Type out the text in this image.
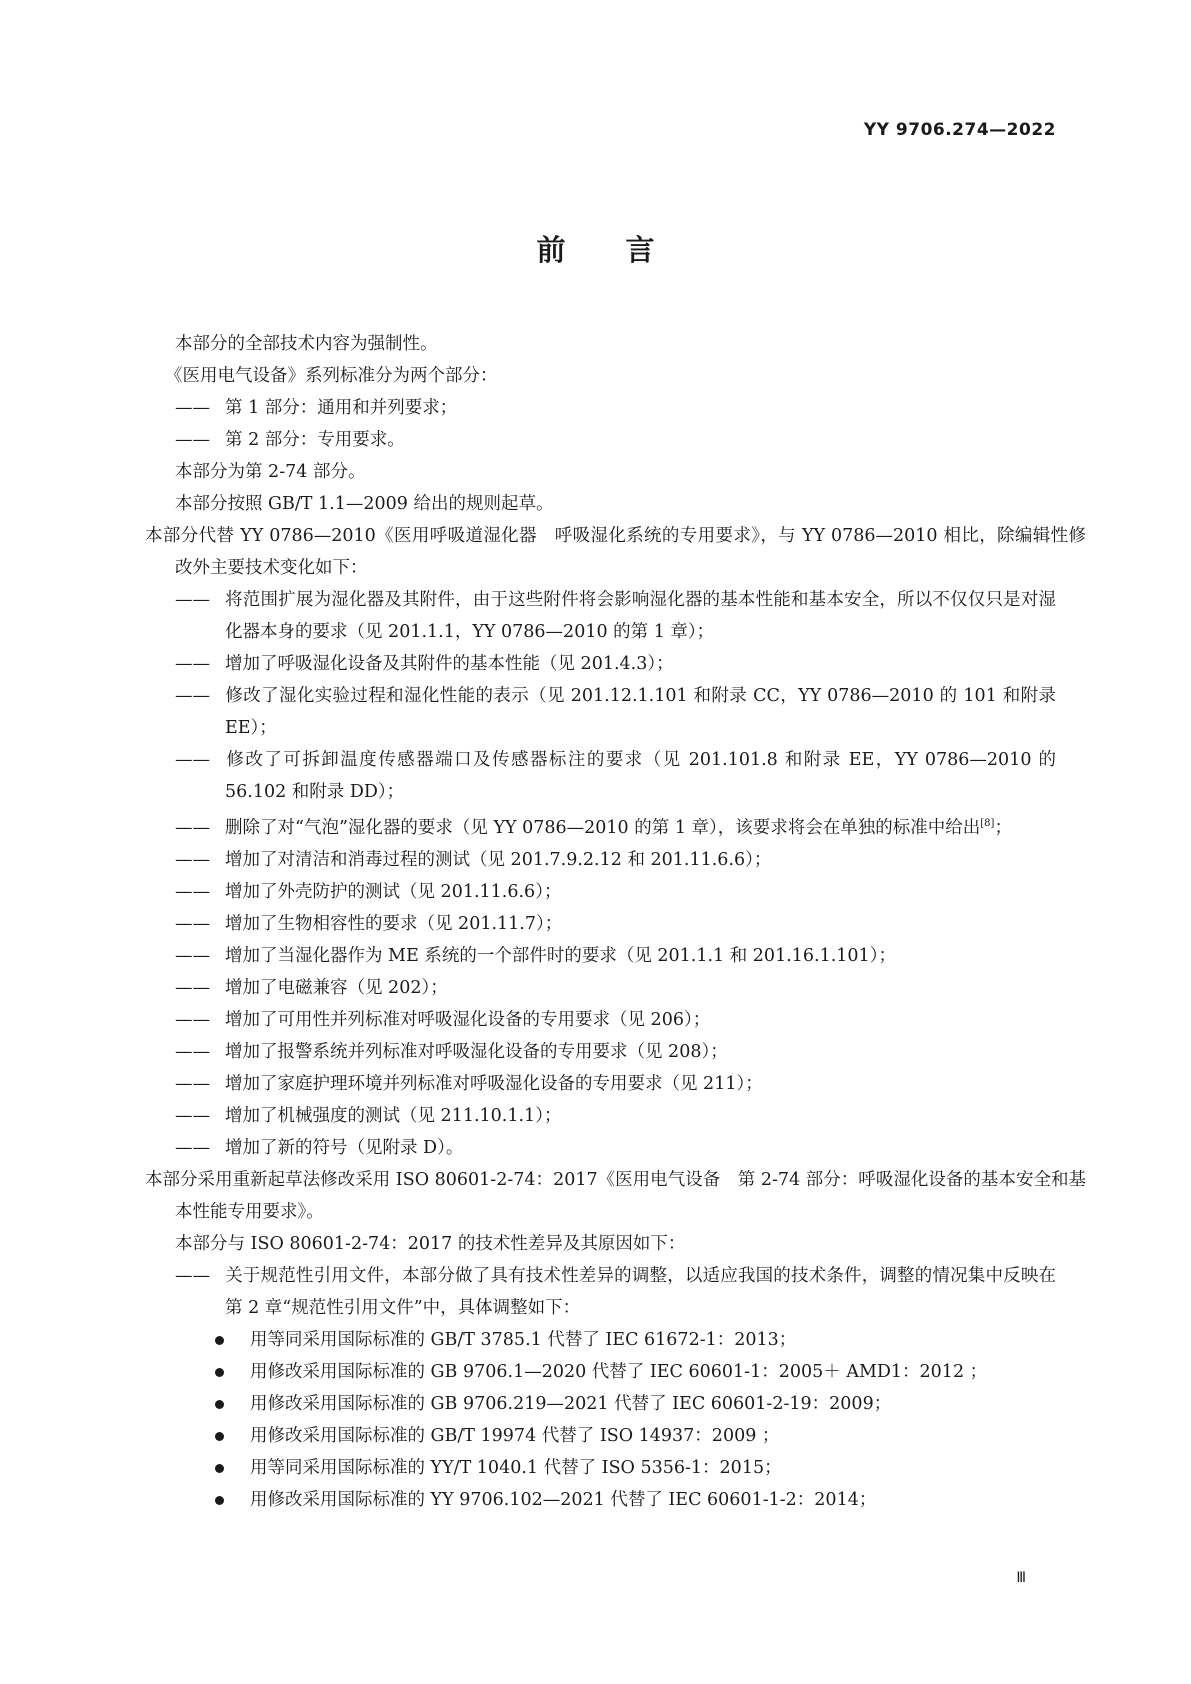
YY 9706.274—2022
前言

本部分的全部技术内容为强制性。

《医用电气设备》系列标准分为两个部分：

—— 第 1 部分：通用和并列要求；

—— 第 2 部分：专用要求。

本部分为第 2-74 部分。

本部分按照 GB/T 1.1—2009 给出的规则起草。

本部分代替 YY 0786—2010《医用呼吸道湿化器　呼吸湿化系统的专用要求》，与 YY 0786—2010 相比，除编辑性修改外主要技术变化如下：

—— 将范围扩展为湿化器及其附件，由于这些附件将会影响湿化器的基本性能和基本安全，所以不仅仅只是对湿化器本身的要求（见 201.1.1，YY 0786—2010 的第 1 章）；

—— 增加了呼吸湿化设备及其附件的基本性能（见 201.4.3）；

—— 修改了湿化实验过程和湿化性能的表示（见 201.12.1.101 和附录 CC，YY 0786—2010 的 101 和附录 EE）；

—— 修改了可拆卸温度传感器端口及传感器标注的要求（见 201.101.8 和附录 EE，YY 0786—2010 的 56.102 和附录 DD）；

—— 删除了对“气泡”湿化器的要求（见 YY 0786—2010 的第 1 章），该要求将会在单独的标准中给出[8]；

—— 增加了对清洁和消毒过程的测试（见 201.7.9.2.12 和 201.11.6.6）；

—— 增加了外壳防护的测试（见 201.11.6.6）；

—— 增加了生物相容性的要求（见 201.11.7）；

—— 增加了当湿化器作为 ME 系统的一个部件时的要求（见 201.1.1 和 201.16.1.101）；

—— 增加了电磁兼容（见 202）；

—— 增加了可用性并列标准对呼吸湿化设备的专用要求（见 206）；

—— 增加了报警系统并列标准对呼吸湿化设备的专用要求（见 208）；

—— 增加了家庭护理环境并列标准对呼吸湿化设备的专用要求（见 211）；

—— 增加了机械强度的测试（见 211.10.1.1）；

—— 增加了新的符号（见附录 D）。

本部分采用重新起草法修改采用 ISO 80601-2-74：2017《医用电气设备　第 2-74 部分：呼吸湿化设备的基本安全和基本性能专用要求》。

本部分与 ISO 80601-2-74：2017 的技术性差异及其原因如下：

—— 关于规范性引用文件，本部分做了具有技术性差异的调整，以适应我国的技术条件，调整的情况集中反映在第 2 章“规范性引用文件”中，具体调整如下：

用等同采用国际标准的 GB/T 3785.1 代替了 IEC 61672-1：2013；
用修改采用国际标准的 GB 9706.1—2020 代替了 IEC 60601-1：2005＋ AMD1：2012 ；
用修改采用国际标准的 GB 9706.219—2021 代替了 IEC 60601-2-19：2009；
用修改采用国际标准的 GB/T 19974 代替了 ISO 14937：2009 ；
用等同采用国际标准的 YY/T 1040.1 代替了 ISO 5356-1：2015；
用修改采用国际标准的 YY 9706.102—2021 代替了 IEC 60601-1-2：2014；
Ⅲ
